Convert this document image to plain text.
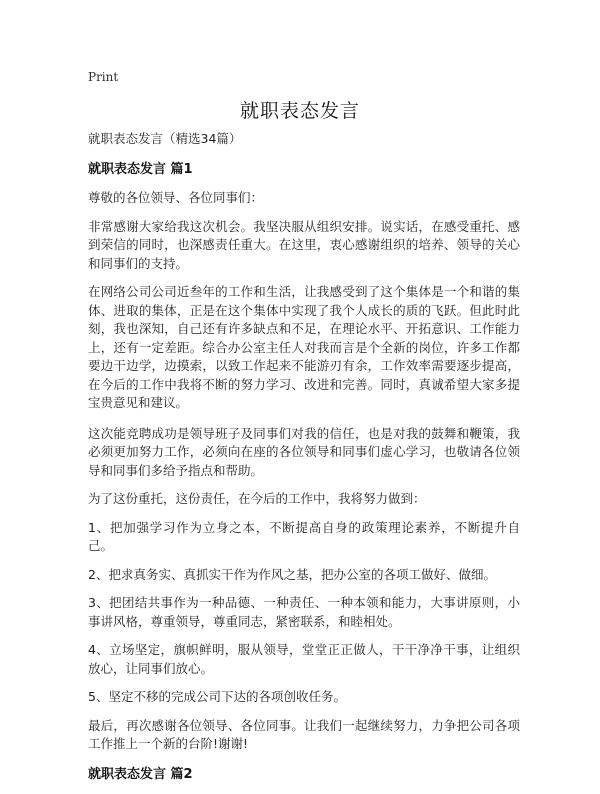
Print
就职表态发言

就职表态发言（精选34篇）

就职表态发言 篇1

尊敬的各位领导、各位同事们：

非常感谢大家给我这次机会。我坚决服从组织安排。说实话，在感受重托、感到荣信的同时，也深感责任重大。在这里，衷心感谢组织的培养、领导的关心和同事们的支持。

在网络公司公司近叁年的工作和生活，让我感受到了这个集体是一个和谐的集体、进取的集体，正是在这个集体中实现了我个人成长的质的飞跃。但此时此刻，我也深知，自己还有许多缺点和不足，在理论水平、开拓意识、工作能力上，还有一定差距。综合办公室主任人对我而言是个全新的岗位，许多工作都要边干边学，边摸索，以致工作起来不能游刃有余，工作效率需要逐步提高，在今后的工作中我将不断的努力学习、改进和完善。同时，真诚希望大家多提宝贵意见和建议。

这次能竞聘成功是领导班子及同事们对我的信任，也是对我的鼓舞和鞭策，我必须更加努力工作，必须向在座的各位领导和同事们虚心学习，也敬请各位领导和同事们多给予指点和帮助。

为了这份重托，这份责任，在今后的工作中，我将努力做到：

1、把加强学习作为立身之本，不断提高自身的政策理论素养，不断提升自己。

2、把求真务实、真抓实干作为作风之基，把办公室的各项工做好、做细。

3、把团结共事作为一种品德、一种责任、一种本领和能力，大事讲原则，小事讲风格，尊重领导，尊重同志，紧密联系，和睦相处。

4、立场坚定，旗帜鲜明，服从领导，堂堂正正做人，干干净净干事，让组织放心，让同事们放心。

5、坚定不移的完成公司下达的各项创收任务。

最后，再次感谢各位领导、各位同事。让我们一起继续努力，力争把公司各项工作推上一个新的台阶!谢谢!

就职表态发言 篇2
